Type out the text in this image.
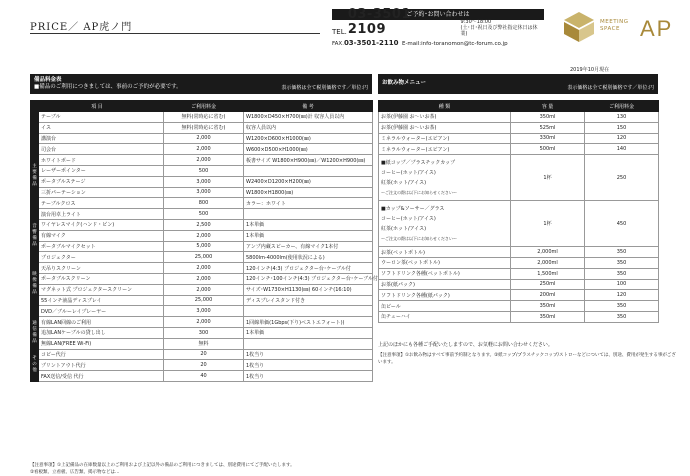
PRICE／ AP虎ノ門
ご予約･お問い合わせは
TEL.
03-3501-2109	9:30～18:00
(土･日･祝日及び弊社指定休日は休業)
FAX.03-3501-2110 E-mail:info-toranomon@tc-forum.co.jp
MEETING
SPACE AP
2019年10月現在
備品料金表
■備品のご利用につきましては、事前のご予約が必要です。	表示価格は全て税別価格です／単位:円
項 目		ご利用料金	備 考
	テーブル	無料(常時応に省む)	W1800×D450×H700(㎜)計 収容人員以内
	イス	無料(常時応に省む)	収容人員以内
主要備品	講演台	2,000	W1200×D600×H1000(㎜)
	司会台	2,000	W600×D500×H1000(㎜)
	ホワイトボード	2,000	板書サイズ W1800×H900(㎜)／W1200×H900(㎜)
	レーザーポインター	500	
	ポータブルステージ	3,000	W2400×D1200×H200(㎜)
	三折パーテーション	3,000	W1800×H1800(㎜)
	テーブルクロス	800	カラー：ホワイト
	演台用卓上ライト	500	
音響備品	ワイヤレスマイク(ハンド・ピン)	2,500	1本単価
	有線マイク	2,000	1本単価
	ポータブルマイクセット	5,000	アンプ内蔵スピーカー、有線マイク1本付
映像備品	プロジェクター	25,000	5800lm-4000lm(使用状況による)
	天吊りスクリーン	2,000	120インチ(4:3) プロジェクター台･ケーブル付
	ポータブルスクリーン	2,000	120インチ･100インチ(4:3) プロジェクター台･ケーブル付
	マグネット式 プロジェクタースクリーン	2,000	サイズ･W1730×H1130(㎜) 60インチ(16:10)
	55インチ液晶ディスプレイ	25,000	ディスプレイスタンド付き
	DVD／ブルーレイプレーヤー	3,000	
通信備品	有線LAN回線のご利用	2,000	1回線単価(1Gbps(下り)ベストエフォート))
	追加LANケーブルの貸し出し	300	1本単価
	無線LAN(FREE Wi-Fi)	無料	
その他	コピー代行	20	1枚当り
	プリントアウト代行	20	1枚当り
	FAX送信/受信 代行	40	1枚当り
【注意事項】①上記備品の在庫数量以上のご利用および上記以外の備品のご利用につきましては、別途費用にてご手配いたします。
②看板類、立看板、広告類、掲示物などは…
お飲み物メニュー
表示価格は全て税別価格です／単位:円
種 類	容 量	ご利用料金
お茶(伊藤園 お～いお茶)	350ml	130
お茶(伊藤園 お～いお茶)	525ml	150
ミネラルウォーター(エビアン)	330ml	120
ミネラルウォーター(エビアン)	500ml	140

■紙コップ／プラスチックカップ
コーヒー(ホット/アイス)
紅茶(ホット/アイス)
～ご注文の際は以下にお知らせください～	1杯	250

■カップ&ソーサー／グラス
コーヒー(ホット/アイス)
紅茶(ホット/アイス)
～ご注文の際は以下にお知らせください～	1杯	450
お茶(ペットボトル)	2,000ml	350
ウーロン茶(ペットボトル)	2,000ml	350
ソフトドリンク各種(ペットボトル)	1,500ml	350
お茶(紙パック)	250ml	100
ソフトドリンク各種(紙パック)	200ml	120
缶ビール	350ml	350
缶チューハイ	350ml	350
上記のほかにも各種ご手配いたしますので、お気軽にお問い合わせください。
【注意事項】①お飲み物はすべて事前予約制となります。②紙コップ/プラスチックコップ/ストローなどについては、別途、費用が発生する事がございます。
